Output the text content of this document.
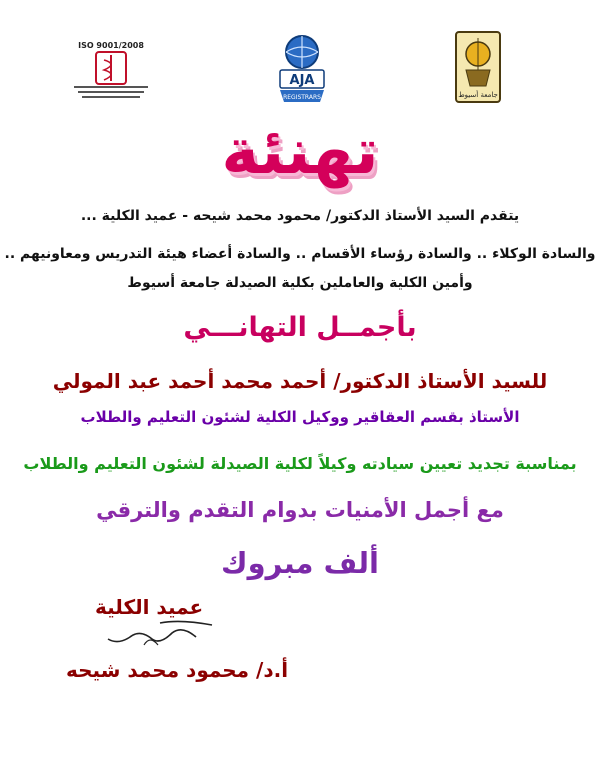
جامعة أسيوط
AJA
REGISTRARS
ISO 9001/2008
تهنئة
يتقدم السيد الأستاذ الدكتور/ محمود محمد شيحه - عميد الكلية ...
والسادة الوكلاء .. والسادة رؤساء الأقسام .. والسادة أعضاء هيئة التدريس ومعاونيهم ..
وأمين الكلية والعاملين بكلية الصيدلة جامعة أسيوط
بأجمــل التهانـــي
للسيد الأستاذ الدكتور/ أحمد محمد أحمد عبد المولي
الأستاذ بقسم العقاقير ووكيل الكلية لشئون التعليم والطلاب
بمناسبة تجديد تعيين سيادته وكيلاً لكلية الصيدلة لشئون التعليم والطلاب
مع أجمل الأمنيات بدوام التقدم والترقي
ألف مبروك
عميد الكلية
أ.د/ محمود محمد شيحه
